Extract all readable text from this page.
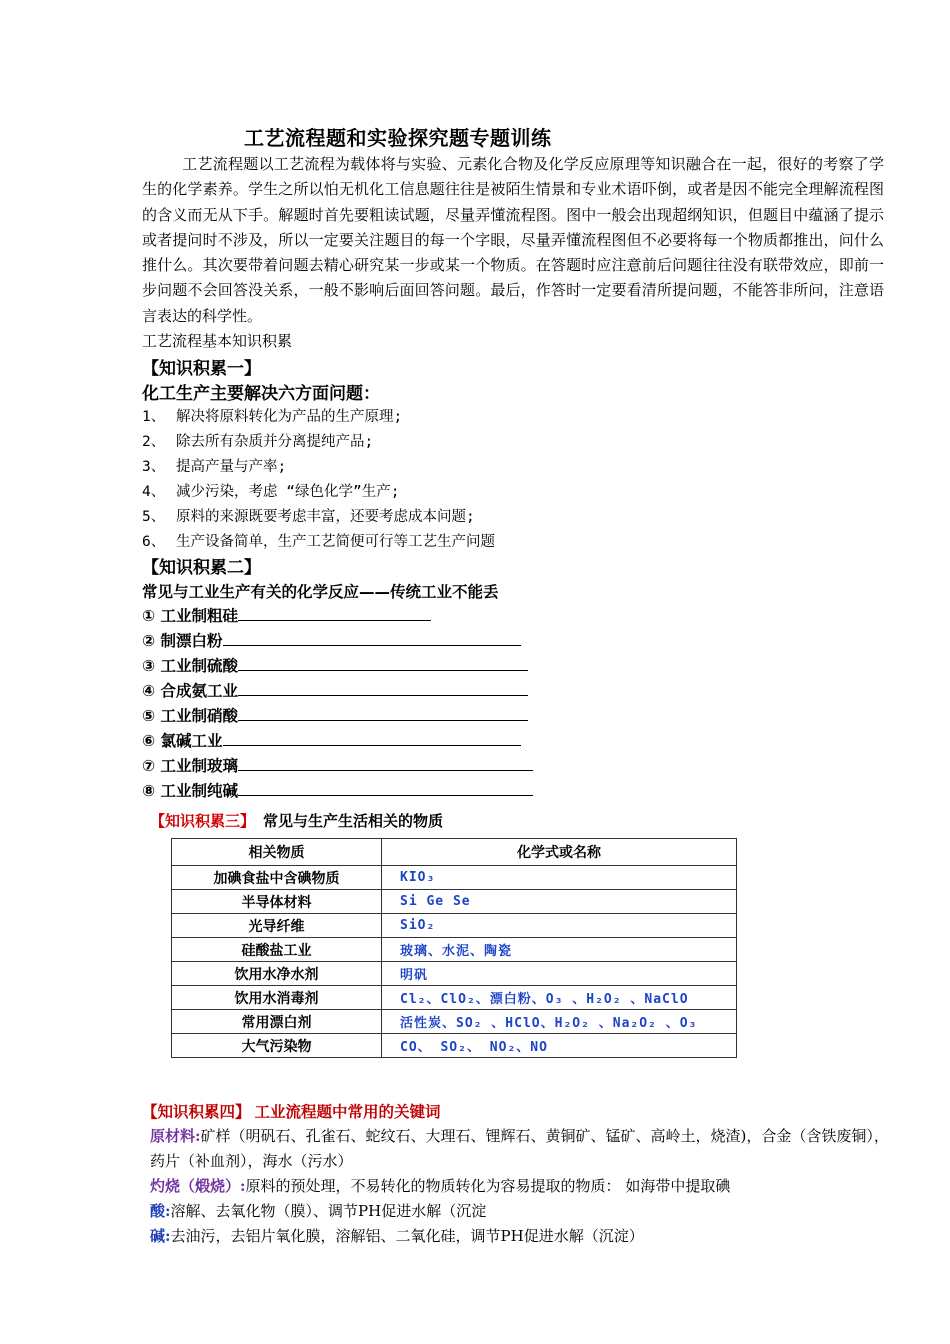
工艺流程题和实验探究题专题训练
工艺流程题以工艺流程为载体将与实验、元素化合物及化学反应原理等知识融合在一起，很好的考察了学生的化学素养。学生之所以怕无机化工信息题往往是被陌生情景和专业术语吓倒，或者是因不能完全理解流程图的含义而无从下手。解题时首先要粗读试题，尽量弄懂流程图。图中一般会出现超纲知识，但题目中蕴涵了提示或者提问时不涉及，所以一定要关注题目的每一个字眼，尽量弄懂流程图但不必要将每一个物质都推出，问什么推什么。其次要带着问题去精心研究某一步或某一个物质。在答题时应注意前后问题往往没有联带效应，即前一步问题不会回答没关系，一般不影响后面回答问题。最后，作答时一定要看清所提问题，不能答非所问，注意语言表达的科学性。
工艺流程基本知识积累
【知识积累一】
化工生产主要解决六方面问题：
1、 解决将原料转化为产品的生产原理;
2、 除去所有杂质并分离提纯产品;
3、 提高产量与产率;
4、 减少污染，考虑 “绿色化学”生产;
5、 原料的来源既要考虑丰富，还要考虑成本问题;
6、 生产设备简单，生产工艺简便可行等工艺生产问题
【知识积累二】
常见与工业生产有关的化学反应——传统工业不能丢
① 工业制粗硅
② 制漂白粉
③ 工业制硫酸
④ 合成氨工业
⑤ 工业制硝酸
⑥ 氯碱工业
⑦ 工业制玻璃
⑧ 工业制纯碱
【知识积累三】 常见与生产生活相关的物质
相关物质	化学式或名称
加碘食盐中含碘物质	KIO₃
半导体材料	Si Ge Se
光导纤维	SiO₂
硅酸盐工业	玻璃、水泥、陶瓷
饮用水净水剂	明矾
饮用水消毒剂	Cl₂、ClO₂、漂白粉、O₃ 、H₂O₂ 、NaClO
常用漂白剂	活性炭、SO₂ 、HClO、H₂O₂ 、Na₂O₂ 、O₃
大气污染物	CO、 SO₂、 NO₂、NO
【知识积累四】 工业流程题中常用的关键词
原材料:矿样（明矾石、孔雀石、蛇纹石、大理石、锂辉石、黄铜矿、锰矿、高岭土，烧渣)，合金（含铁废铜），药片（补血剂），海水（污水）
灼烧（煅烧）:原料的预处理，不易转化的物质转化为容易提取的物质： 如海带中提取碘
酸:溶解、去氧化物（膜）、调节PH促进水解（沉淀
碱:去油污，去铝片氧化膜，溶解铝、二氧化硅，调节PH促进水解（沉淀）
